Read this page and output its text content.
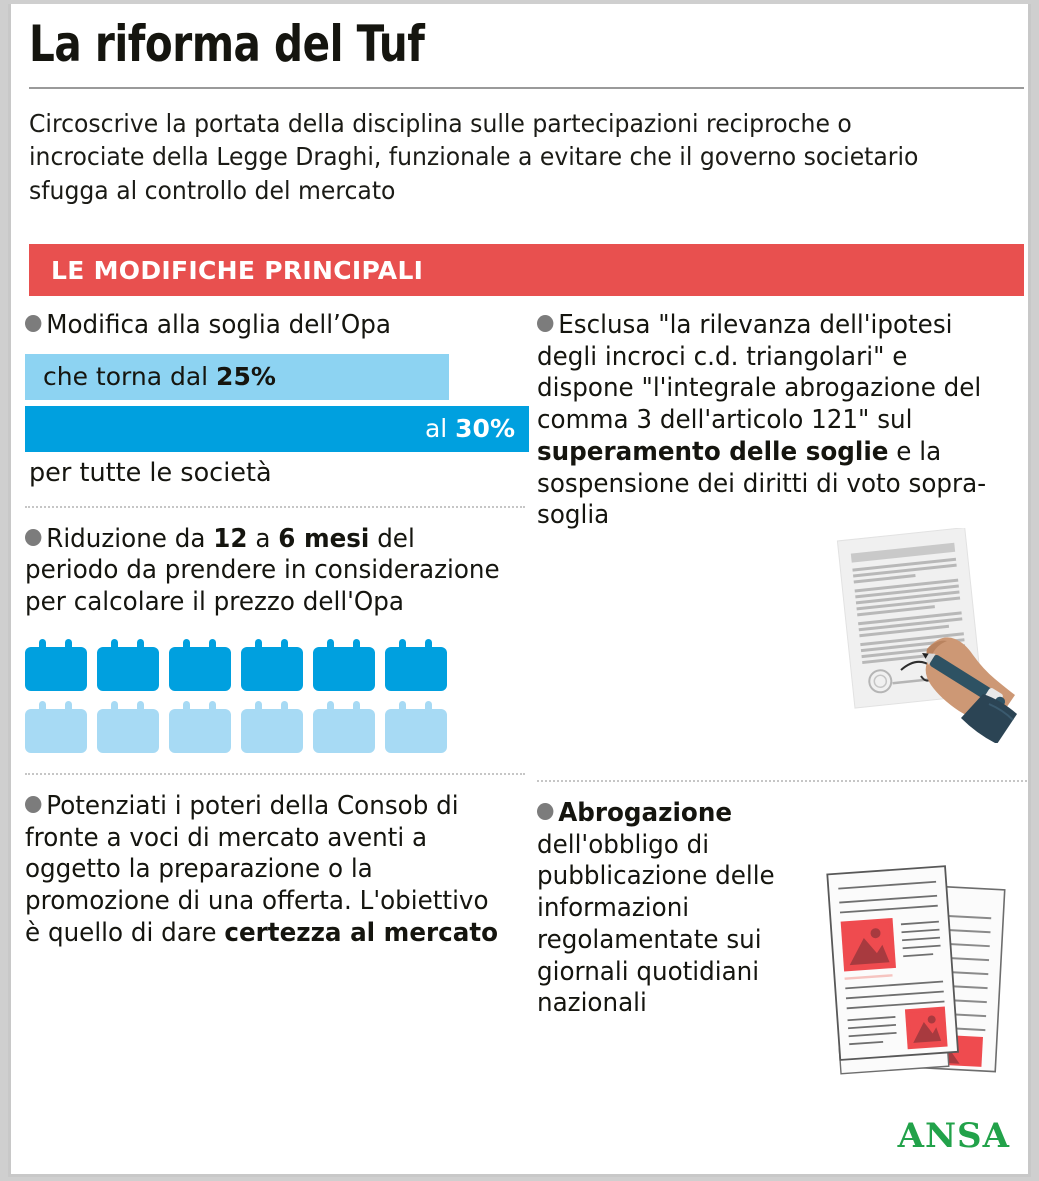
La riforma del Tuf
Circoscrive la portata della disciplina sulle partecipazioni reciproche o incrociate della Legge Draghi, funzionale a evitare che il governo societario sfugga al controllo del mercato
LE MODIFICHE PRINCIPALI
Modifica alla soglia dell’Opa
che torna dal 25%
al 30%
per tutte le società
Riduzione da 12 a 6 mesi del periodo da prendere in considerazione per calcolare il prezzo dell'Opa
Potenziati i poteri della Consob di fronte a voci di mercato aventi a oggetto la preparazione o la promozione di una offerta. L'obiettivo è quello di dare certezza al mercato
Esclusa "la rilevanza dell'ipotesi degli incroci c.d. triangolari" e dispone "l'integrale abrogazione del comma 3 dell'articolo 121" sul superamento delle soglie e la sospensione dei diritti di voto sopra-soglia
Abrogazione dell'obbligo di pubblicazione delle informazioni regolamentate sui giornali quotidiani nazionali
ANSA
